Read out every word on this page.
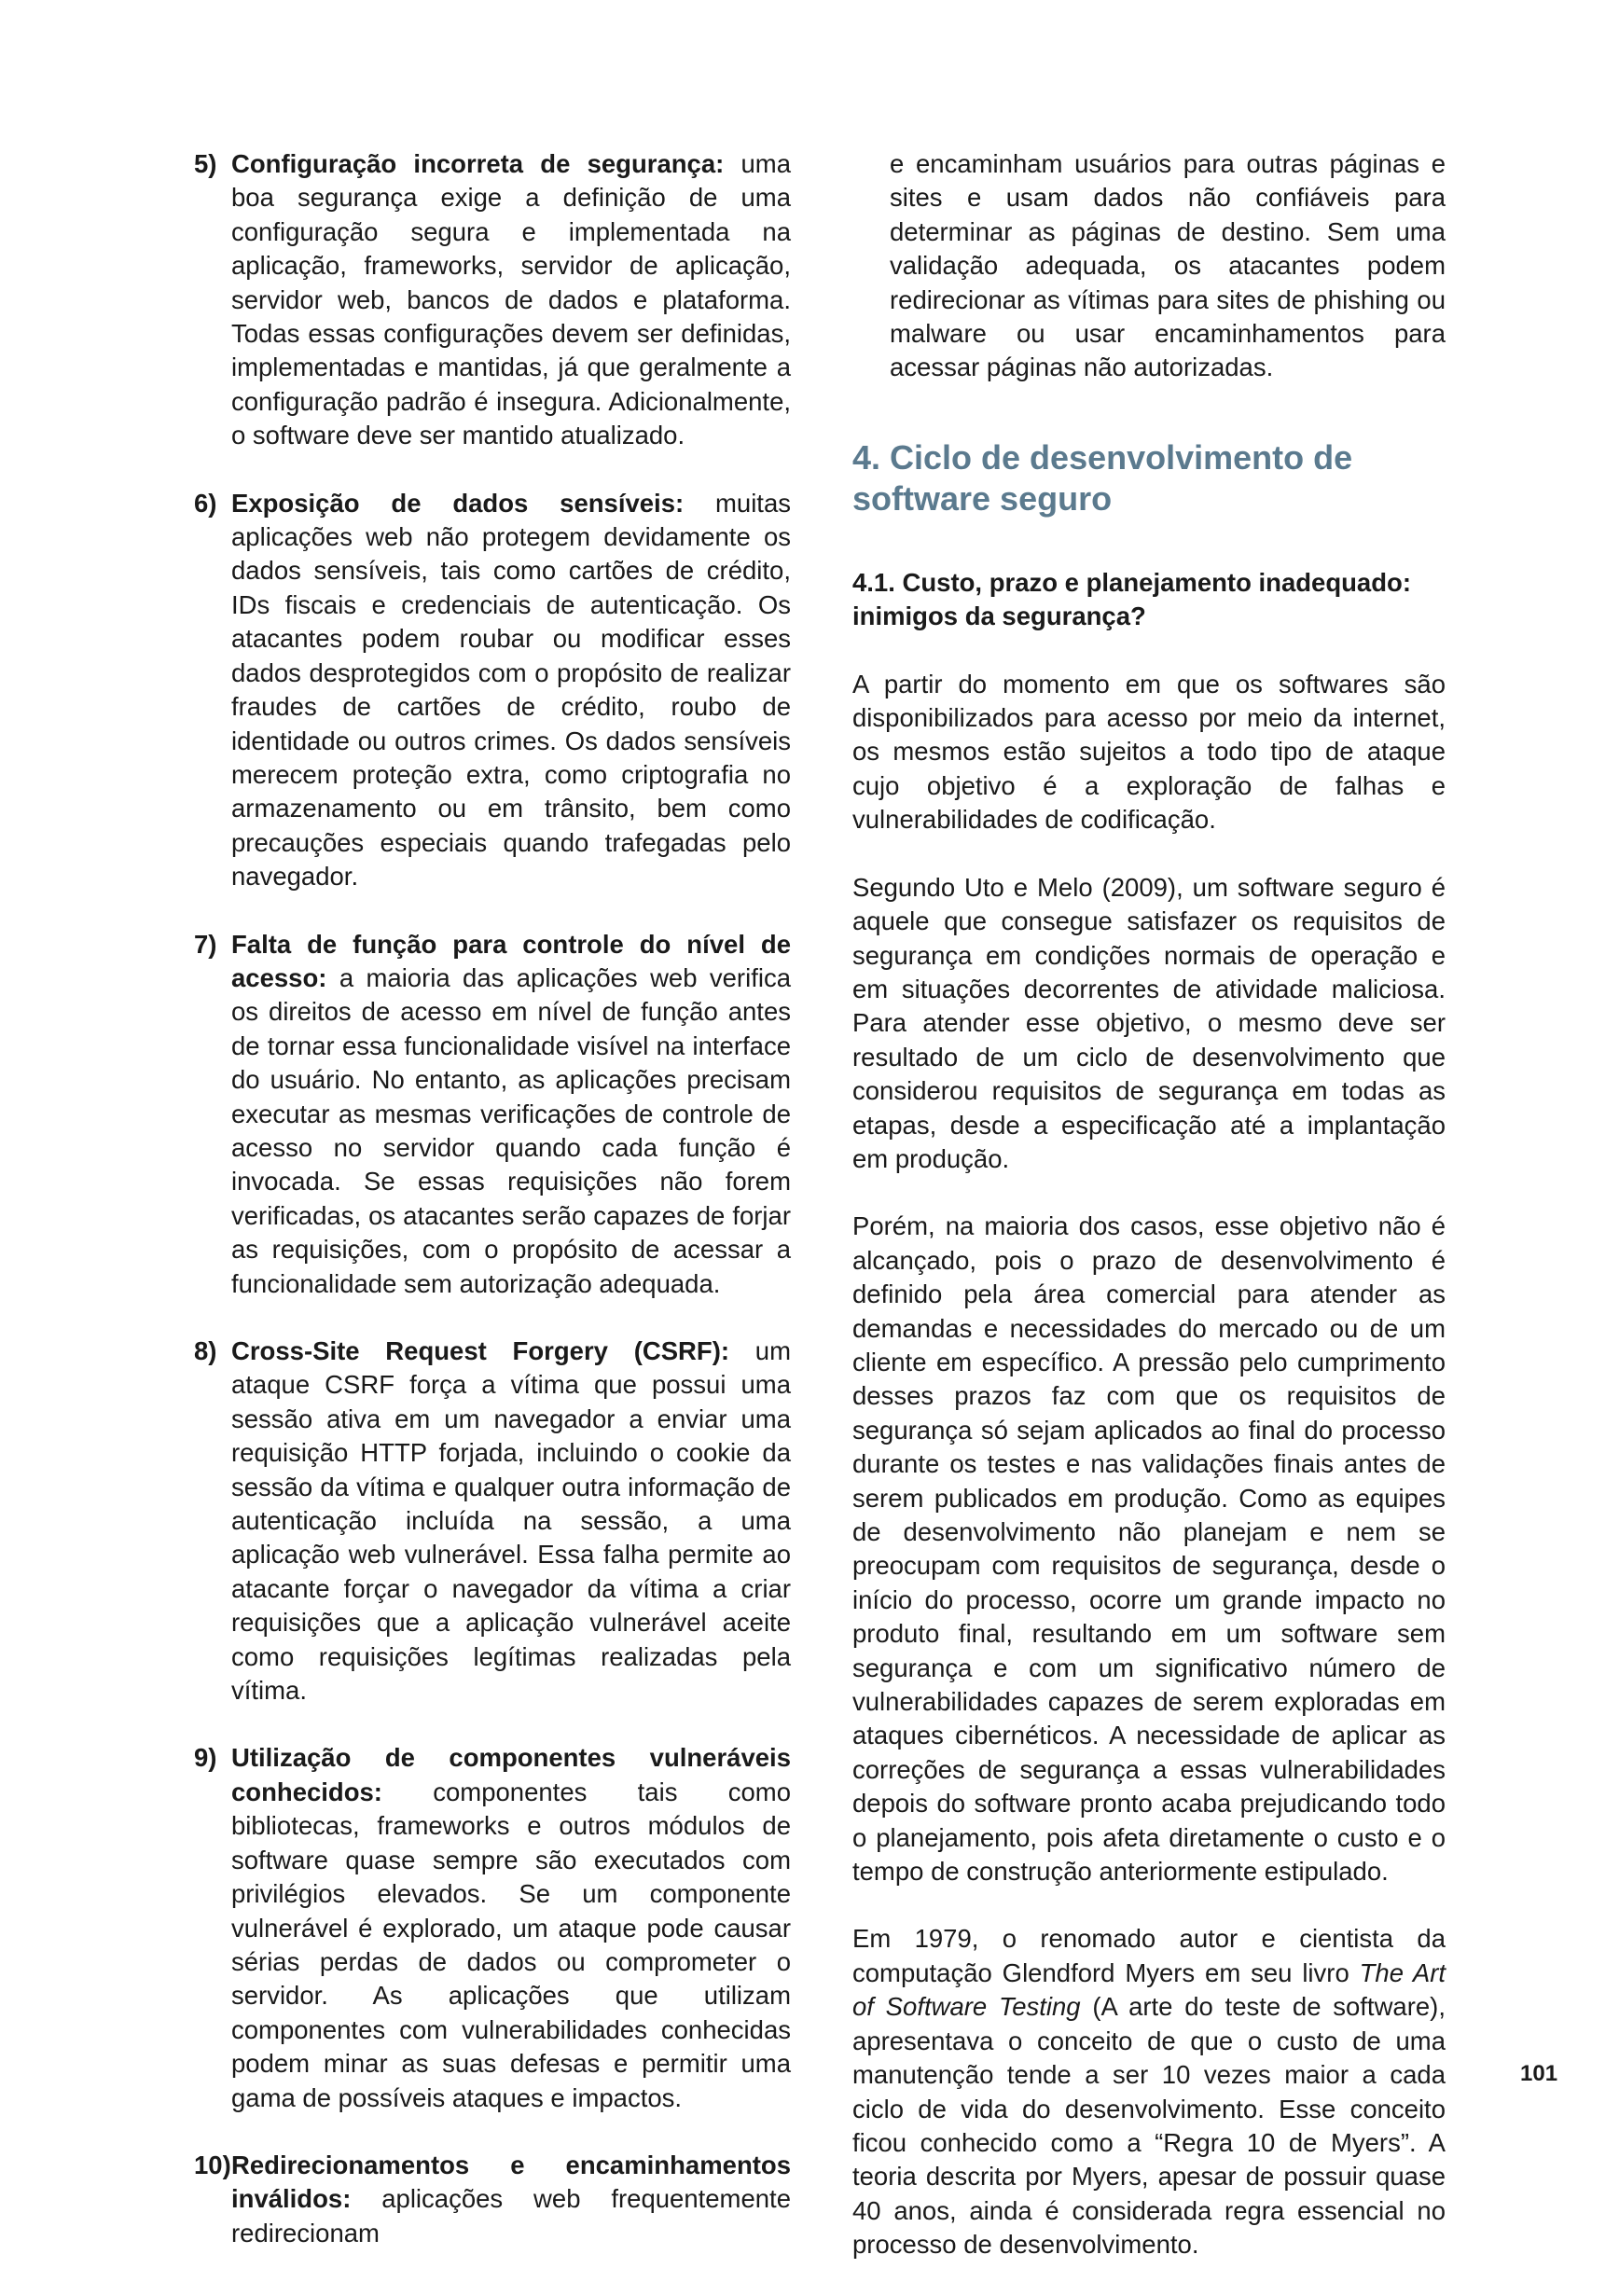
5) Configuração incorreta de segurança: uma boa segurança exige a definição de uma configuração segura e implementada na aplicação, frameworks, servidor de aplicação, servidor web, bancos de dados e plataforma. Todas essas configurações devem ser definidas, implementadas e mantidas, já que geralmente a configuração padrão é insegura. Adicionalmente, o software deve ser mantido atualizado.
6) Exposição de dados sensíveis: muitas aplicações web não protegem devidamente os dados sensíveis, tais como cartões de crédito, IDs fiscais e credenciais de autenticação. Os atacantes podem roubar ou modificar esses dados desprotegidos com o propósito de realizar fraudes de cartões de crédito, roubo de identidade ou outros crimes. Os dados sensíveis merecem proteção extra, como criptografia no armazenamento ou em trânsito, bem como precauções especiais quando trafegadas pelo navegador.
7) Falta de função para controle do nível de acesso: a maioria das aplicações web verifica os direitos de acesso em nível de função antes de tornar essa funcionalidade visível na interface do usuário. No entanto, as aplicações precisam executar as mesmas verificações de controle de acesso no servidor quando cada função é invocada. Se essas requisições não forem verificadas, os atacantes serão capazes de forjar as requisições, com o propósito de acessar a funcionalidade sem autorização adequada.
8) Cross-Site Request Forgery (CSRF): um ataque CSRF força a vítima que possui uma sessão ativa em um navegador a enviar uma requisição HTTP forjada, incluindo o cookie da sessão da vítima e qualquer outra informação de autenticação incluída na sessão, a uma aplicação web vulnerável. Essa falha permite ao atacante forçar o navegador da vítima a criar requisições que a aplicação vulnerável aceite como requisições legítimas realizadas pela vítima.
9) Utilização de componentes vulneráveis conhecidos: componentes tais como bibliotecas, frameworks e outros módulos de software quase sempre são executados com privilégios elevados. Se um componente vulnerável é explorado, um ataque pode causar sérias perdas de dados ou comprometer o servidor. As aplicações que utilizam componentes com vulnerabilidades conhecidas podem minar as suas defesas e permitir uma gama de possíveis ataques e impactos.
10) Redirecionamentos e encaminhamentos inválidos: aplicações web frequentemente redirecionam
e encaminham usuários para outras páginas e sites e usam dados não confiáveis para determinar as páginas de destino. Sem uma validação adequada, os atacantes podem redirecionar as vítimas para sites de phishing ou malware ou usar encaminhamentos para acessar páginas não autorizadas.
4. Ciclo de desenvolvimento de software seguro
4.1. Custo, prazo e planejamento inadequado: inimigos da segurança?

A partir do momento em que os softwares são disponibilizados para acesso por meio da internet, os mesmos estão sujeitos a todo tipo de ataque cujo objetivo é a exploração de falhas e vulnerabilidades de codificação.

Segundo Uto e Melo (2009), um software seguro é aquele que consegue satisfazer os requisitos de segurança em condições normais de operação e em situações decorrentes de atividade maliciosa. Para atender esse objetivo, o mesmo deve ser resultado de um ciclo de desenvolvimento que considerou requisitos de segurança em todas as etapas, desde a especificação até a implantação em produção.

Porém, na maioria dos casos, esse objetivo não é alcançado, pois o prazo de desenvolvimento é definido pela área comercial para atender as demandas e necessidades do mercado ou de um cliente em específico. A pressão pelo cumprimento desses prazos faz com que os requisitos de segurança só sejam aplicados ao final do processo durante os testes e nas validações finais antes de serem publicados em produção. Como as equipes de desenvolvimento não planejam e nem se preocupam com requisitos de segurança, desde o início do processo, ocorre um grande impacto no produto final, resultando em um software sem segurança e com um significativo número de vulnerabilidades capazes de serem exploradas em ataques cibernéticos. A necessidade de aplicar as correções de segurança a essas vulnerabilidades depois do software pronto acaba prejudicando todo o planejamento, pois afeta diretamente o custo e o tempo de construção anteriormente estipulado.

Em 1979, o renomado autor e cientista da computação Glendford Myers em seu livro The Art of Software Testing (A arte do teste de software), apresentava o conceito de que o custo de uma manutenção tende a ser 10 vezes maior a cada ciclo de vida do desenvolvimento. Esse conceito ficou conhecido como a “Regra 10 de Myers”. A teoria descrita por Myers, apesar de possuir quase 40 anos, ainda é considerada regra essencial no processo de desenvolvimento.

101
